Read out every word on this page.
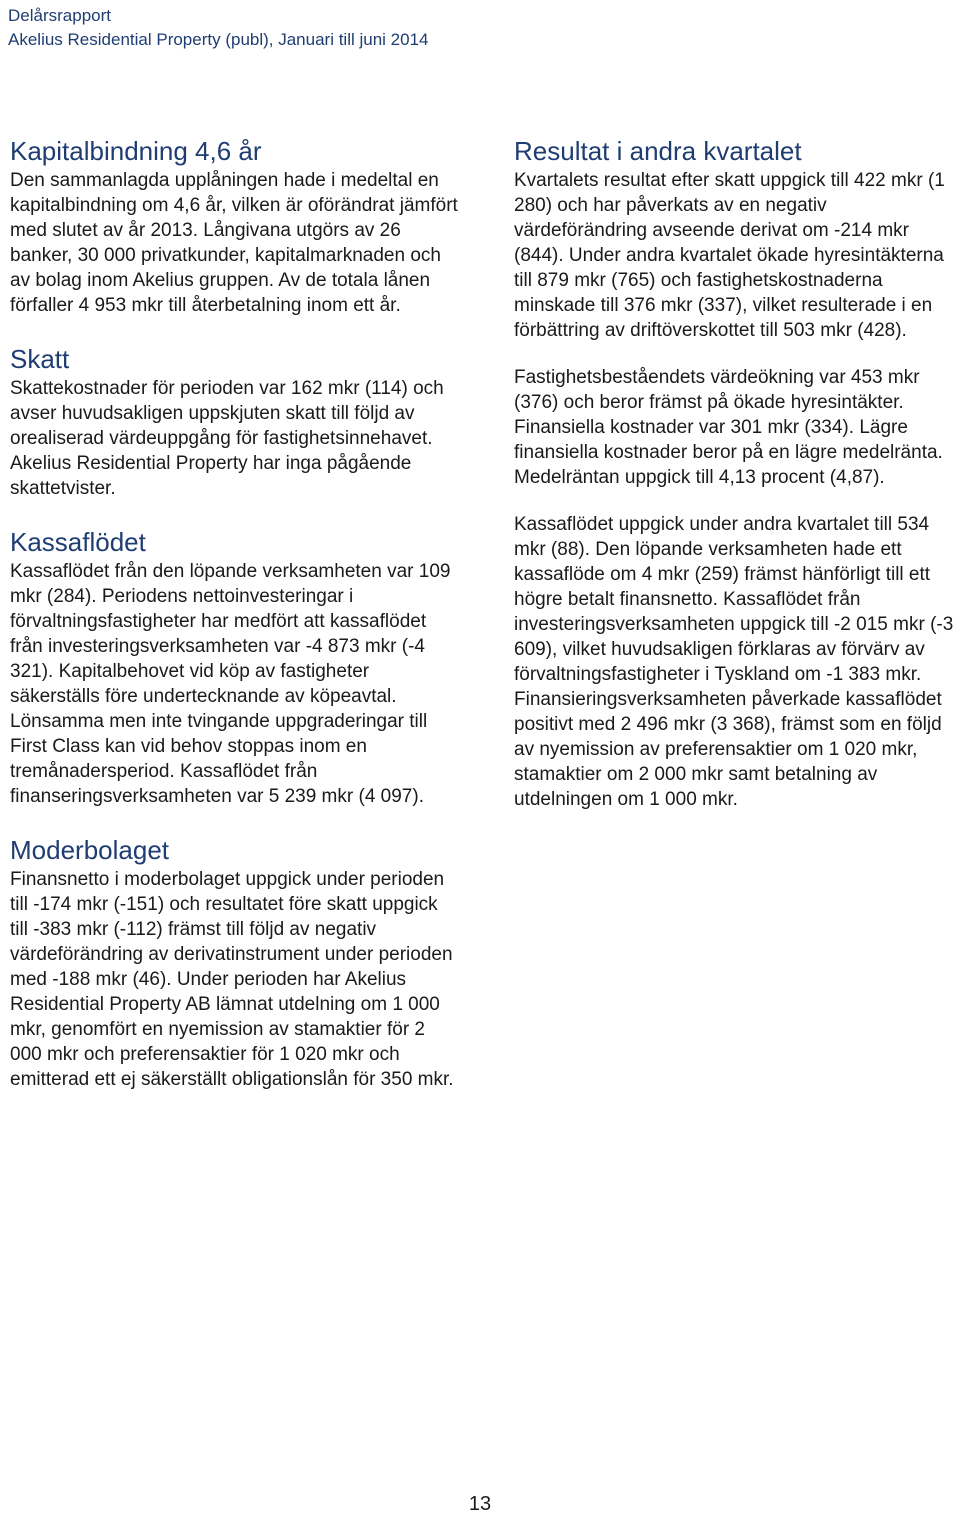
Delårsrapport
Akelius Residential Property (publ), Januari till juni 2014
Kapitalbindning 4,6 år

Den sammanlagda upplåningen hade i medeltal en kapitalbindning om 4,6 år, vilken är oförändrat jämfört med slutet av år 2013. Långivana utgörs av 26 banker, 30 000 privatkunder, kapitalmarknaden och av bolag inom Akelius gruppen. Av de totala lånen förfaller 4 953 mkr till återbetalning inom ett år.

Skatt

Skattekostnader för perioden var 162 mkr (114) och avser huvudsakligen uppskjuten skatt till följd av orealiserad värdeuppgång för fastighetsinnehavet. Akelius Residential Property har inga pågående skattetvister.

Kassaflödet

Kassaflödet från den löpande verksamheten var 109 mkr (284). Periodens nettoinvesteringar i förvaltningsfastigheter har medfört att kassaflödet från investeringsverksamheten var -4 873 mkr (-4 321). Kapitalbehovet vid köp av fastigheter säkerställs före undertecknande av köpeavtal. Lönsamma men inte tvingande uppgraderingar till First Class kan vid behov stoppas inom en tremånadersperiod. Kassaflödet från finanseringsverksamheten var 5 239 mkr (4 097).

Moderbolaget

Finansnetto i moderbolaget uppgick under perioden till -174 mkr (-151) och resultatet före skatt uppgick till -383 mkr (-112) främst till följd av negativ värdeförändring av derivatinstrument under perioden med -188 mkr (46). Under perioden har Akelius Residential Property AB lämnat utdelning om 1 000 mkr, genomfört en nyemission av stamaktier för 2 000 mkr och preferensaktier för 1 020 mkr och emitterad ett ej säkerställt obligationslån för 350 mkr.

Resultat i andra kvartalet

Kvartalets resultat efter skatt uppgick till 422 mkr (1 280) och har påverkats av en negativ värdeförändring avseende derivat om -214 mkr (844). Under andra kvartalet ökade hyresintäkterna till 879 mkr (765) och fastighetskostnaderna minskade till 376 mkr (337), vilket resulterade i en förbättring av driftöverskottet till 503 mkr (428).

Fastighetsbeståendets värdeökning var 453 mkr (376) och beror främst på ökade hyresintäkter. Finansiella kostnader var 301 mkr (334). Lägre finansiella kostnader beror på en lägre medelränta. Medelräntan uppgick till 4,13 procent (4,87).

Kassaflödet uppgick under andra kvartalet till 534 mkr (88). Den löpande verksamheten hade ett kassaflöde om 4 mkr (259) främst hänförligt till ett högre betalt finansnetto. Kassaflödet från investeringsverksamheten uppgick till -2 015 mkr (-3 609), vilket huvudsakligen förklaras av förvärv av förvaltningsfastigheter i Tyskland om -1 383 mkr. Finansieringsverksamheten påverkade kassaflödet positivt med 2 496 mkr (3 368), främst som en följd av nyemission av preferensaktier om 1 020 mkr, stamaktier om 2 000 mkr samt betalning av utdelningen om 1 000 mkr.

13
